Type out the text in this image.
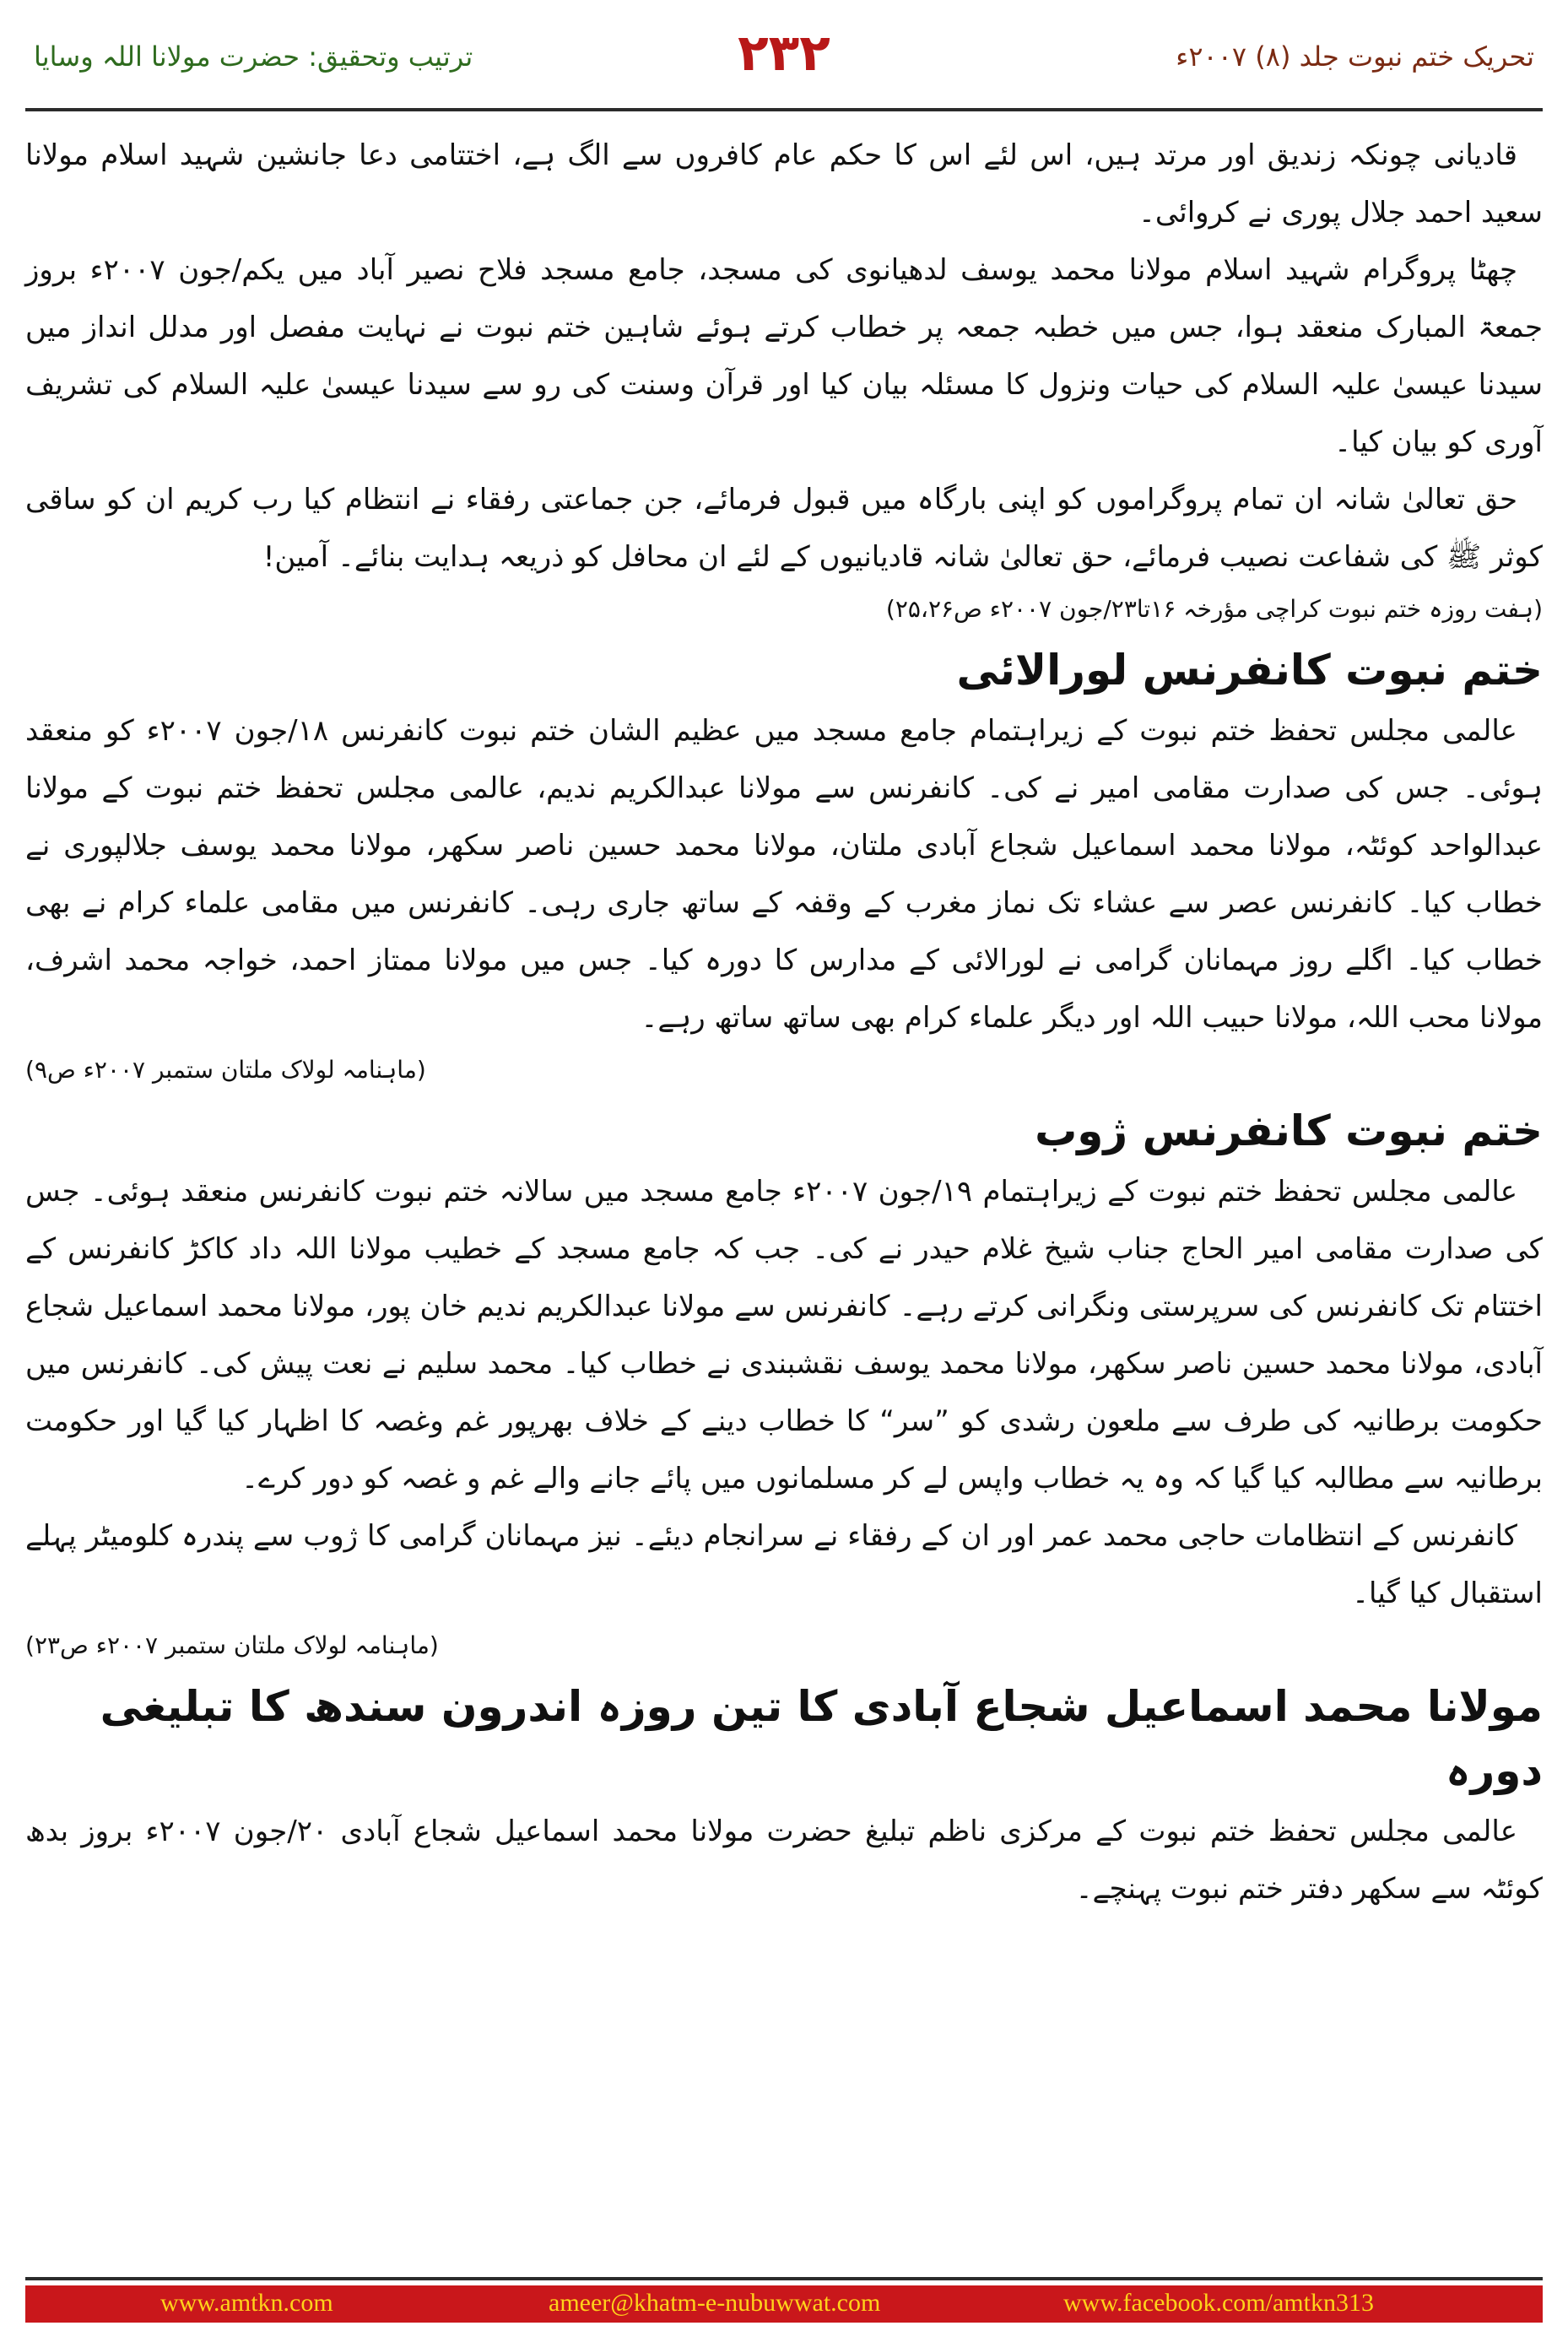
تحریک ختم نبوت جلد (۸) ۲۰۰۷ء
۲۳۲
ترتیب وتحقیق: حضرت مولانا اللہ وسایا

قادیانی چونکہ زندیق اور مرتد ہیں، اس لئے اس کا حکم عام کافروں سے الگ ہے، اختتامی دعا جانشین شہید اسلام مولانا سعید احمد جلال پوری نے کروائی۔

چھٹا پروگرام شہید اسلام مولانا محمد یوسف لدھیانوی کی مسجد، جامع مسجد فلاح نصیر آباد میں یکم/جون ۲۰۰۷ء بروز جمعۃ المبارک منعقد ہوا، جس میں خطبہ جمعہ پر خطاب کرتے ہوئے شاہین ختم نبوت نے نہایت مفصل اور مدلل انداز میں سیدنا عیسیٰ علیہ السلام کی حیات ونزول کا مسئلہ بیان کیا اور قرآن وسنت کی رو سے سیدنا عیسیٰ علیہ السلام کی تشریف آوری کو بیان کیا۔

حق تعالیٰ شانہ ان تمام پروگراموں کو اپنی بارگاہ میں قبول فرمائے، جن جماعتی رفقاء نے انتظام کیا رب کریم ان کو ساقی کوثر ﷺ کی شفاعت نصیب فرمائے، حق تعالیٰ شانہ قادیانیوں کے لئے ان محافل کو ذریعہ ہدایت بنائے۔ آمین!

(ہفت روزہ ختم نبوت کراچی مؤرخہ ۱۶تا۲۳/جون ۲۰۰۷ء ص۲۵،۲۶)

ختم نبوت کانفرنس لورالائی

عالمی مجلس تحفظ ختم نبوت کے زیراہتمام جامع مسجد میں عظیم الشان ختم نبوت کانفرنس ۱۸/جون ۲۰۰۷ء کو منعقد ہوئی۔ جس کی صدارت مقامی امیر نے کی۔ کانفرنس سے مولانا عبدالکریم ندیم، عالمی مجلس تحفظ ختم نبوت کے مولانا عبدالواحد کوئٹہ، مولانا محمد اسماعیل شجاع آبادی ملتان، مولانا محمد حسین ناصر سکھر، مولانا محمد یوسف جلالپوری نے خطاب کیا۔ کانفرنس عصر سے عشاء تک نماز مغرب کے وقفہ کے ساتھ جاری رہی۔ کانفرنس میں مقامی علماء کرام نے بھی خطاب کیا۔ اگلے روز مہمانان گرامی نے لورالائی کے مدارس کا دورہ کیا۔ جس میں مولانا ممتاز احمد، خواجہ محمد اشرف، مولانا محب اللہ، مولانا حبیب اللہ اور دیگر علماء کرام بھی ساتھ ساتھ رہے۔

(ماہنامہ لولاک ملتان ستمبر ۲۰۰۷ء ص۹)

ختم نبوت کانفرنس ژوب

عالمی مجلس تحفظ ختم نبوت کے زیراہتمام ۱۹/جون ۲۰۰۷ء جامع مسجد میں سالانہ ختم نبوت کانفرنس منعقد ہوئی۔ جس کی صدارت مقامی امیر الحاج جناب شیخ غلام حیدر نے کی۔ جب کہ جامع مسجد کے خطیب مولانا اللہ داد کاکڑ کانفرنس کے اختتام تک کانفرنس کی سرپرستی ونگرانی کرتے رہے۔ کانفرنس سے مولانا عبدالکریم ندیم خان پور، مولانا محمد اسماعیل شجاع آبادی، مولانا محمد حسین ناصر سکھر، مولانا محمد یوسف نقشبندی نے خطاب کیا۔ محمد سلیم نے نعت پیش کی۔ کانفرنس میں حکومت برطانیہ کی طرف سے ملعون رشدی کو ”سر“ کا خطاب دینے کے خلاف بھرپور غم وغصہ کا اظہار کیا گیا اور حکومت برطانیہ سے مطالبہ کیا گیا کہ وہ یہ خطاب واپس لے کر مسلمانوں میں پائے جانے والے غم و غصہ کو دور کرے۔

کانفرنس کے انتظامات حاجی محمد عمر اور ان کے رفقاء نے سرانجام دیئے۔ نیز مہمانان گرامی کا ژوب سے پندرہ کلومیٹر پہلے استقبال کیا گیا۔

(ماہنامہ لولاک ملتان ستمبر ۲۰۰۷ء ص۲۳)

مولانا محمد اسماعیل شجاع آبادی کا تین روزہ اندرون سندھ کا تبلیغی دورہ

عالمی مجلس تحفظ ختم نبوت کے مرکزی ناظم تبلیغ حضرت مولانا محمد اسماعیل شجاع آبادی ۲۰/جون ۲۰۰۷ء بروز بدھ کوئٹہ سے سکھر دفتر ختم نبوت پہنچے۔

www.amtkn.com	ameer@khatm-e-nubuwwat.com	www.facebook.com/amtkn313
